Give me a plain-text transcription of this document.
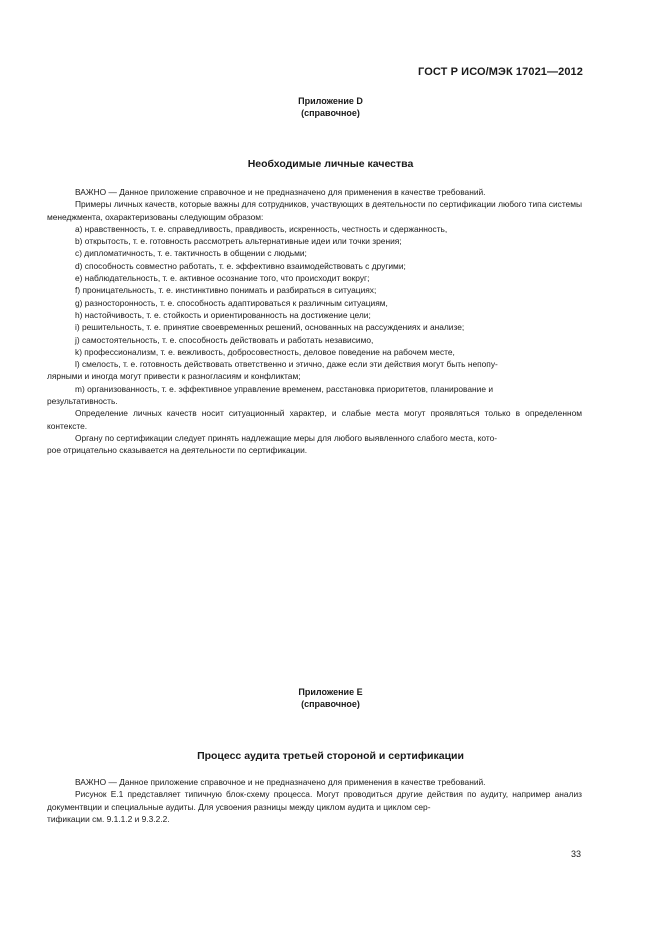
ГОСТ Р ИСО/МЭК 17021—2012
Приложение D
(справочное)
Необходимые личные качества

ВАЖНО — Данное приложение справочное и не предназначено для применения в качестве требований.

Примеры личных качеств, которые важны для сотрудников, участвующих в деятельности по сертификации любого типа системы менеджмента, охарактеризованы следующим образом:

a) нравственность, т. е. справедливость, правдивость, искренность, честность и сдержанность,

b) открытость, т. е. готовность рассмотреть альтернативные идеи или точки зрения;

c) дипломатичность, т. е. тактичность в общении с людьми;

d) способность совместно работать, т. е. эффективно взаимодействовать с другими;

e) наблюдательность, т. е. активное осознание того, что происходит вокруг;

f) проницательность, т. е. инстинктивно понимать и разбираться в ситуациях;

g) разносторонность, т. е. способность адаптироваться к различным ситуациям,

h) настойчивость, т. е. стойкость и ориентированность на достижение цели;

i) решительность, т. е. принятие своевременных решений, основанных на рассуждениях и анализе;

j) самостоятельность, т. е. способность действовать и работать независимо,

k) профессионализм, т. е. вежливость, добросовестность, деловое поведение на рабочем месте,

l) смелость, т. е. готовность действовать ответственно и этично, даже если эти действия могут быть непопу-

лярными и иногда могут привести к разногласиям и конфликтам;

m) организованность, т. е. эффективное управление временем, расстановка приоритетов, планирование и

результативность.

Определение личных качеств носит ситуационный характер, и слабые места могут проявляться только в определенном контексте.

Органу по сертификации следует принять надлежащие меры для любого выявленного слабого места, кото-

рое отрицательно сказывается на деятельности по сертификации.

Приложение Е
(справочное)
Процесс аудита третьей стороной и сертификации

ВАЖНО — Данное приложение справочное и не предназначено для применения в качестве требований.

Рисунок Е.1 представляет типичную блок-схему процесса. Могут проводиться другие действия по аудиту, например анализ документвции и специальные аудиты. Для усвоения разницы между циклом аудита и циклом сер-

тификации см. 9.1.1.2 и 9.3.2.2.

33
